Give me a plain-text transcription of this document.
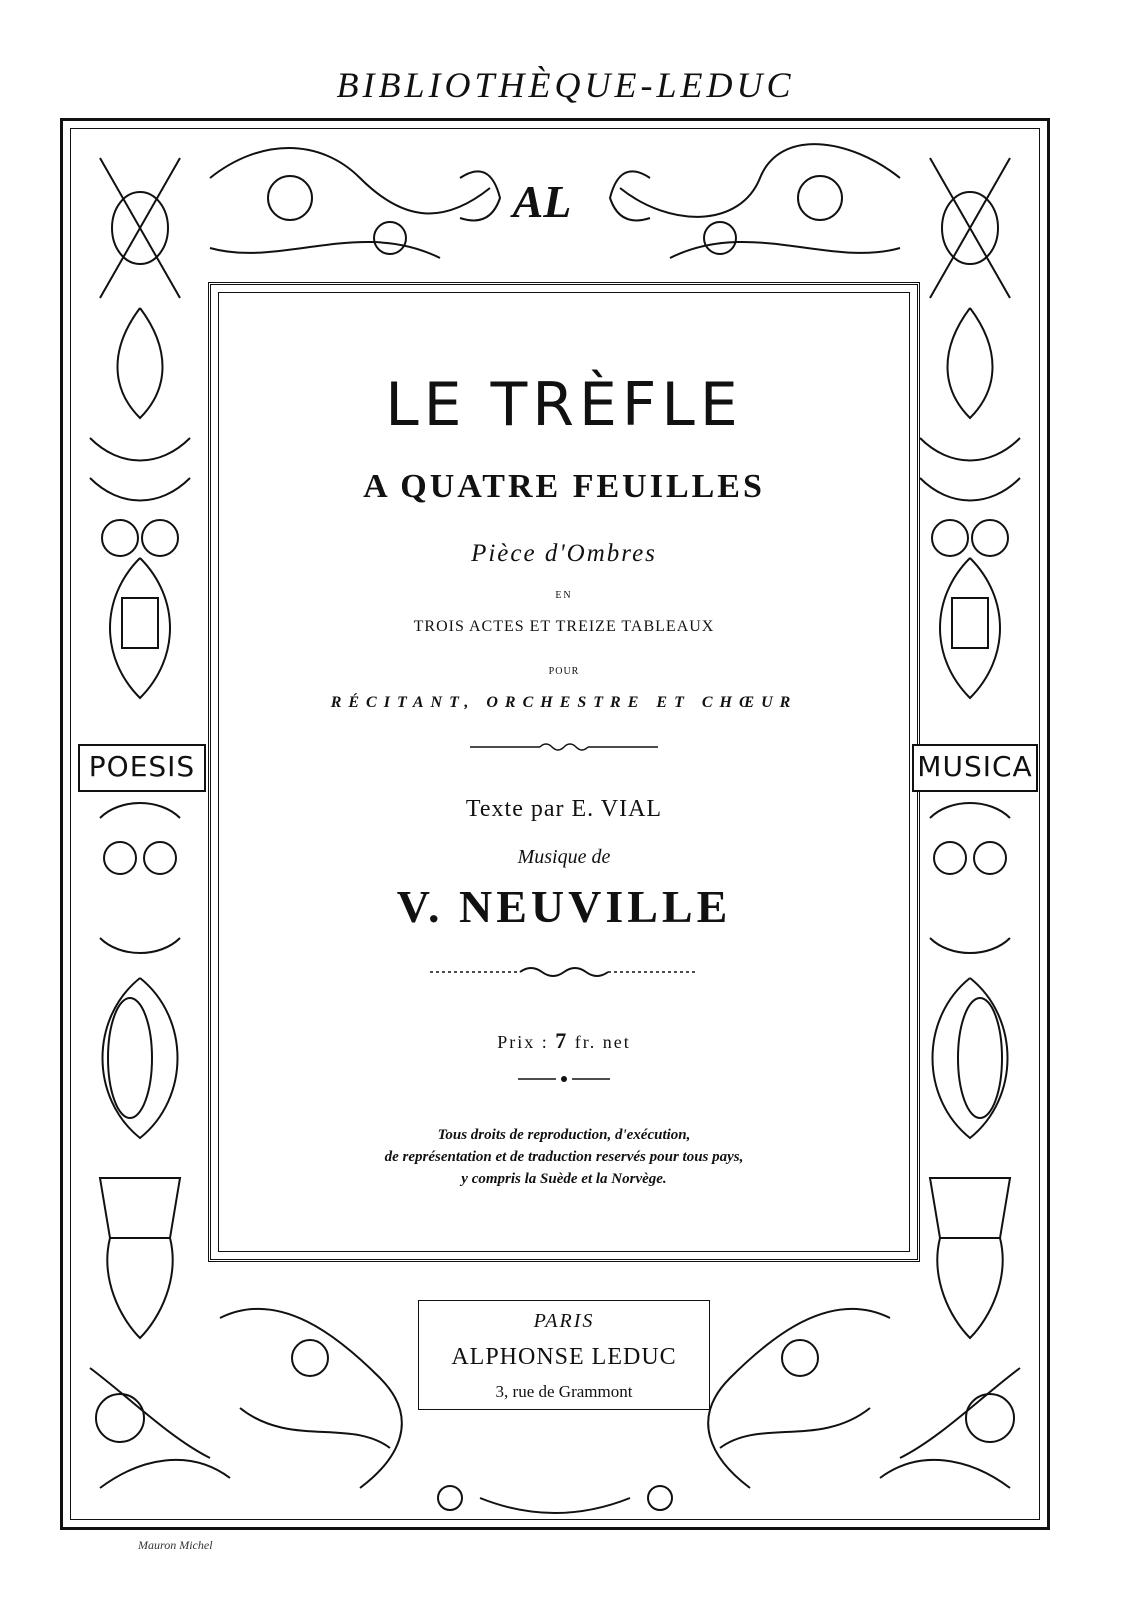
BIBLIOTHÈQUE-LEDUC
AL
LE TRÈFLE
A QUATRE FEUILLES
Pièce d'Ombres
EN
TROIS ACTES ET TREIZE TABLEAUX
POUR
RÉCITANT, ORCHESTRE ET CHŒUR
Texte par E. VIAL
Musique de
V. NEUVILLE
Prix : 7 fr. net
Tous droits de reproduction, d'exécution,
de représentation et de traduction reservés pour tous pays,
y compris la Suède et la Norvège.
POESIS	MUSICA
PARIS
ALPHONSE LEDUC
3, rue de Grammont
Mauron Michel
